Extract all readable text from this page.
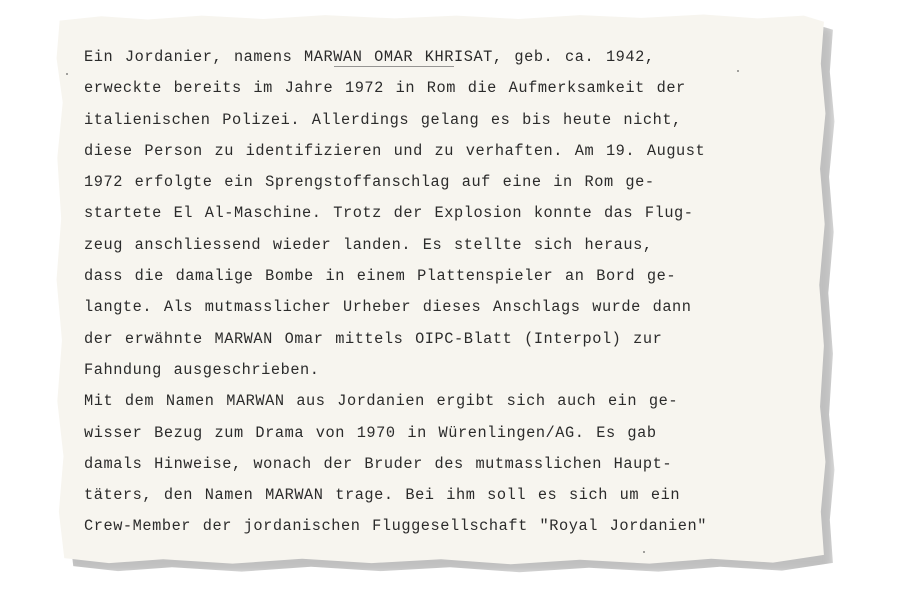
Ein Jordanier, namens MARWAN OMAR KHRISAT, geb. ca. 1942,
erweckte bereits im Jahre 1972 in Rom die Aufmerksamkeit der
italienischen Polizei. Allerdings gelang es bis heute nicht,
diese Person zu identifizieren und zu verhaften. Am 19. August
1972 erfolgte ein Sprengstoffanschlag auf eine in Rom ge-
startete El Al-Maschine. Trotz der Explosion konnte das Flug-
zeug anschliessend wieder landen. Es stellte sich heraus,
dass die damalige Bombe in einem Plattenspieler an Bord ge-
langte. Als mutmasslicher Urheber dieses Anschlags wurde dann
der erwähnte MARWAN Omar mittels OIPC-Blatt (Interpol) zur
Fahndung ausgeschrieben.
Mit dem Namen MARWAN aus Jordanien ergibt sich auch ein ge-
wisser Bezug zum Drama von 1970 in Würenlingen/AG. Es gab
damals Hinweise, wonach der Bruder des mutmasslichen Haupt-
täters, den Namen MARWAN trage. Bei ihm soll es sich um ein
Crew-Member der jordanischen Fluggesellschaft "Royal Jordanien"
